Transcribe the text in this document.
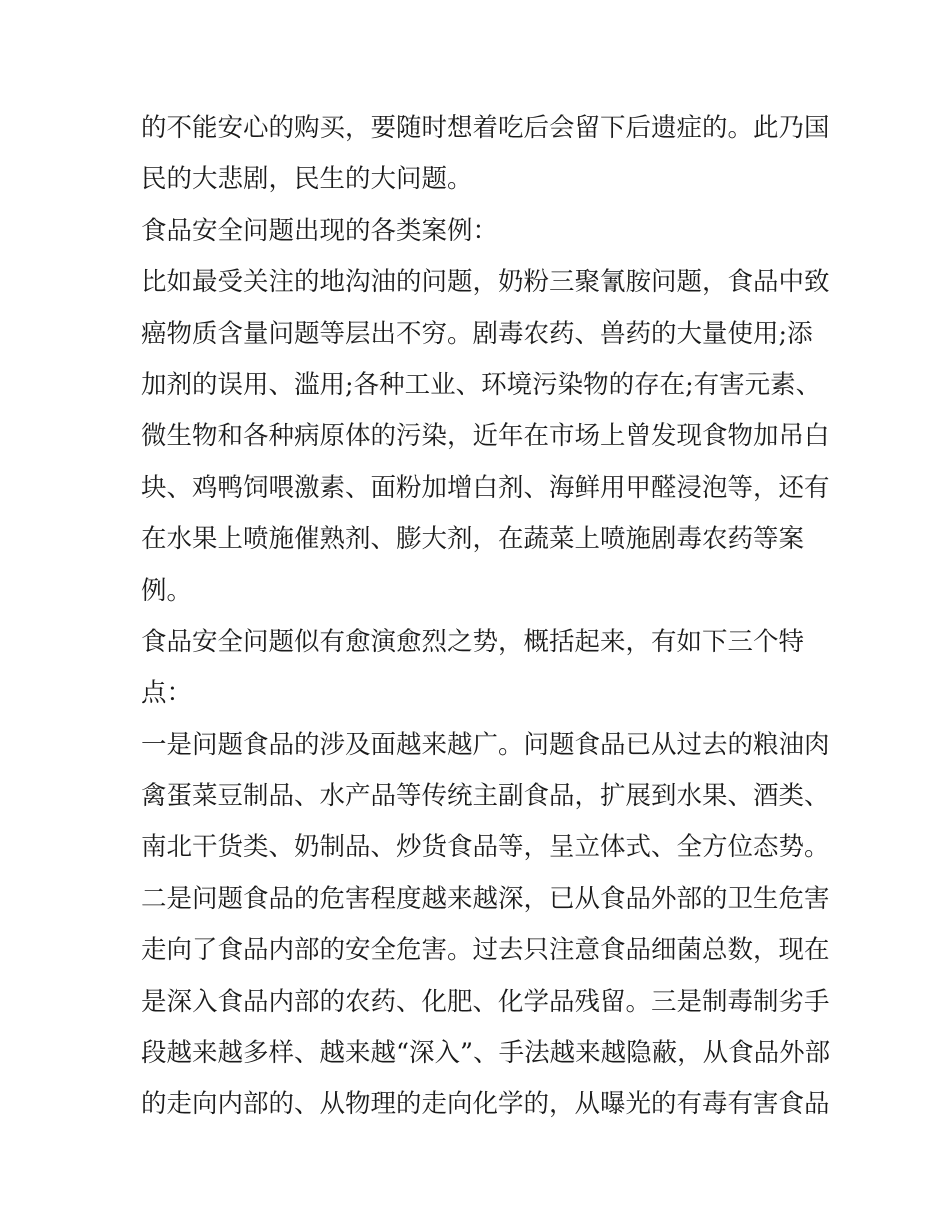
的不能安心的购买，要随时想着吃后会留下后遗症的。此乃国
民的大悲剧，民生的大问题。
食品安全问题出现的各类案例：
比如最受关注的地沟油的问题，奶粉三聚氰胺问题，食品中致
癌物质含量问题等层出不穷。剧毒农药、兽药的大量使用;添
加剂的误用、滥用;各种工业、环境污染物的存在;有害元素、
微生物和各种病原体的污染，近年在市场上曾发现食物加吊白
块、鸡鸭饲喂激素、面粉加增白剂、海鲜用甲醛浸泡等，还有
在水果上喷施催熟剂、膨大剂，在蔬菜上喷施剧毒农药等案
例。
食品安全问题似有愈演愈烈之势，概括起来，有如下三个特
点：
一是问题食品的涉及面越来越广。问题食品已从过去的粮油肉
禽蛋菜豆制品、水产品等传统主副食品，扩展到水果、酒类、
南北干货类、奶制品、炒货食品等，呈立体式、全方位态势。
二是问题食品的危害程度越来越深，已从食品外部的卫生危害
走向了食品内部的安全危害。过去只注意食品细菌总数，现在
是深入食品内部的农药、化肥、化学品残留。三是制毒制劣手
段越来越多样、越来越“深入”、手法越来越隐蔽，从食品外部
的走向内部的、从物理的走向化学的，从曝光的有毒有害食品
